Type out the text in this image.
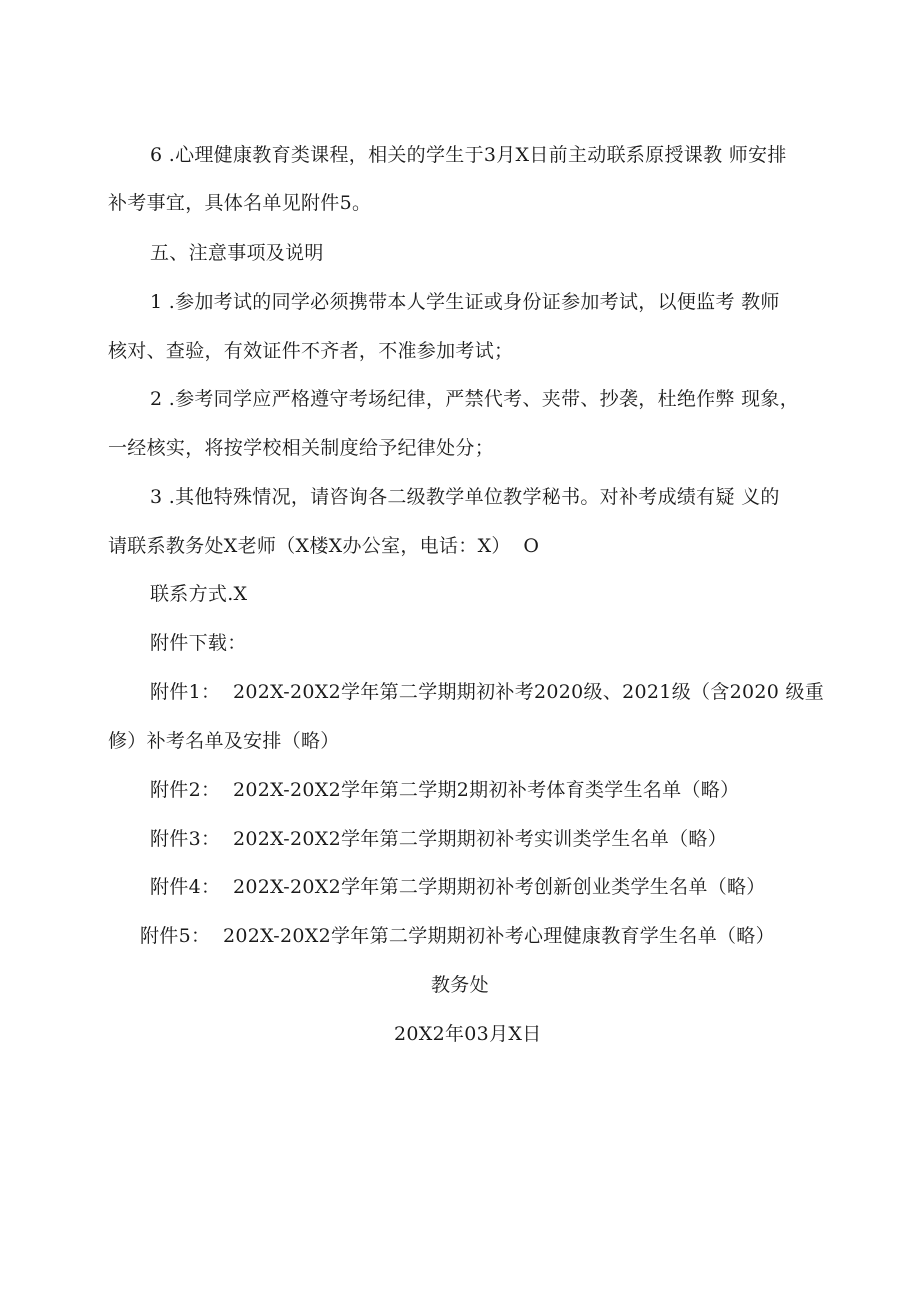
6 .心理健康教育类课程，相关的学生于3月X日前主动联系原授课教 师安排
补考事宜，具体名单见附件5。
五、注意事项及说明
1 .参加考试的同学必须携带本人学生证或身份证参加考试，以便监考 教师
核对、查验，有效证件不齐者，不准参加考试；
2 .参考同学应严格遵守考场纪律，严禁代考、夹带、抄袭，杜绝作弊 现象，
一经核实，将按学校相关制度给予纪律处分；
3 .其他特殊情况，请咨询各二级教学单位教学秘书。对补考成绩有疑 义的
请联系教务处X老师（X楼X办公室，电话：X）  O
联系方式.X
附件下载：
附件1：  202X-20X2学年第二学期期初补考2020级、2021级（含2020 级重
修）补考名单及安排（略）
附件2：  202X-20X2学年第二学期2期初补考体育类学生名单（略）
附件3：  202X-20X2学年第二学期期初补考实训类学生名单（略）
附件4：  202X-20X2学年第二学期期初补考创新创业类学生名单（略）
附件5：  202X-20X2学年第二学期期初补考心理健康教育学生名单（略）
教务处
20X2年03月X日
